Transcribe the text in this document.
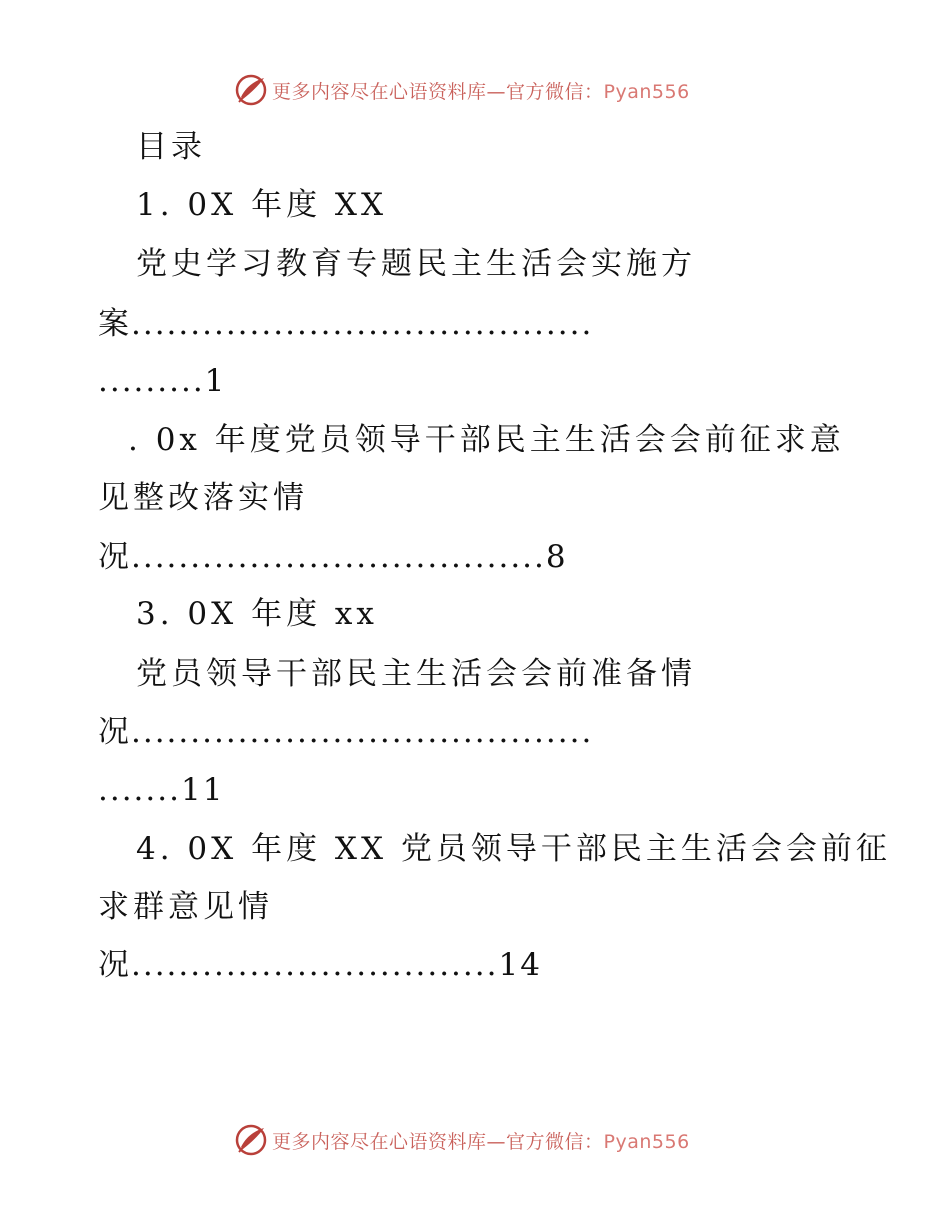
更多内容尽在心语资料库—官方微信：Pyan556
目录
1. 0X 年度 XX
党史学习教育专题民主生活会实施方
案.......................................
.........1
. 0x 年度党员领导干部民主生活会会前征求意
见整改落实情
况...................................8
3. 0X 年度 xx
党员领导干部民主生活会会前准备情
况.......................................
.......11
4. 0X 年度 XX 党员领导干部民主生活会会前征
求群意见情
况...............................14
更多内容尽在心语资料库—官方微信：Pyan556
